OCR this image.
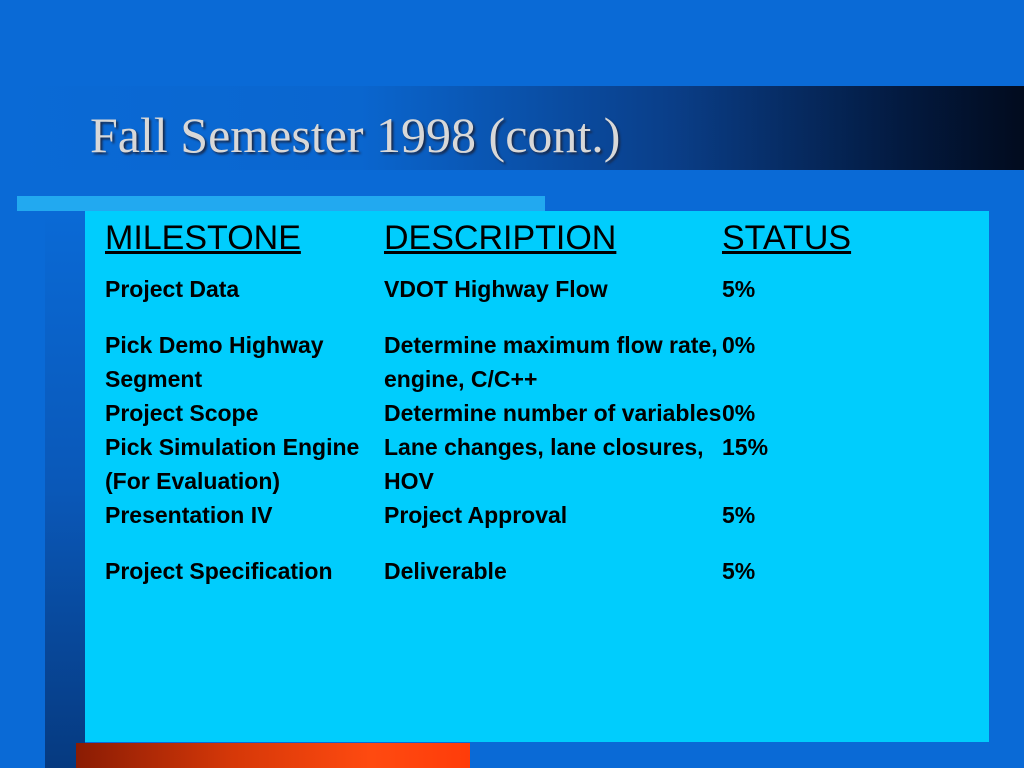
Fall Semester 1998 (cont.)
MILESTONE	DESCRIPTION	STATUS
Project Data	VDOT Highway Flow	5%
Pick Demo Highway Segment	Determine maximum flow rate, engine, C/C++	0%
Project Scope	Determine number of variables	0%
Pick Simulation Engine (For Evaluation)	Lane changes, lane closures, HOV	15%
Presentation IV	Project Approval	5%
Project Specification	Deliverable	5%
